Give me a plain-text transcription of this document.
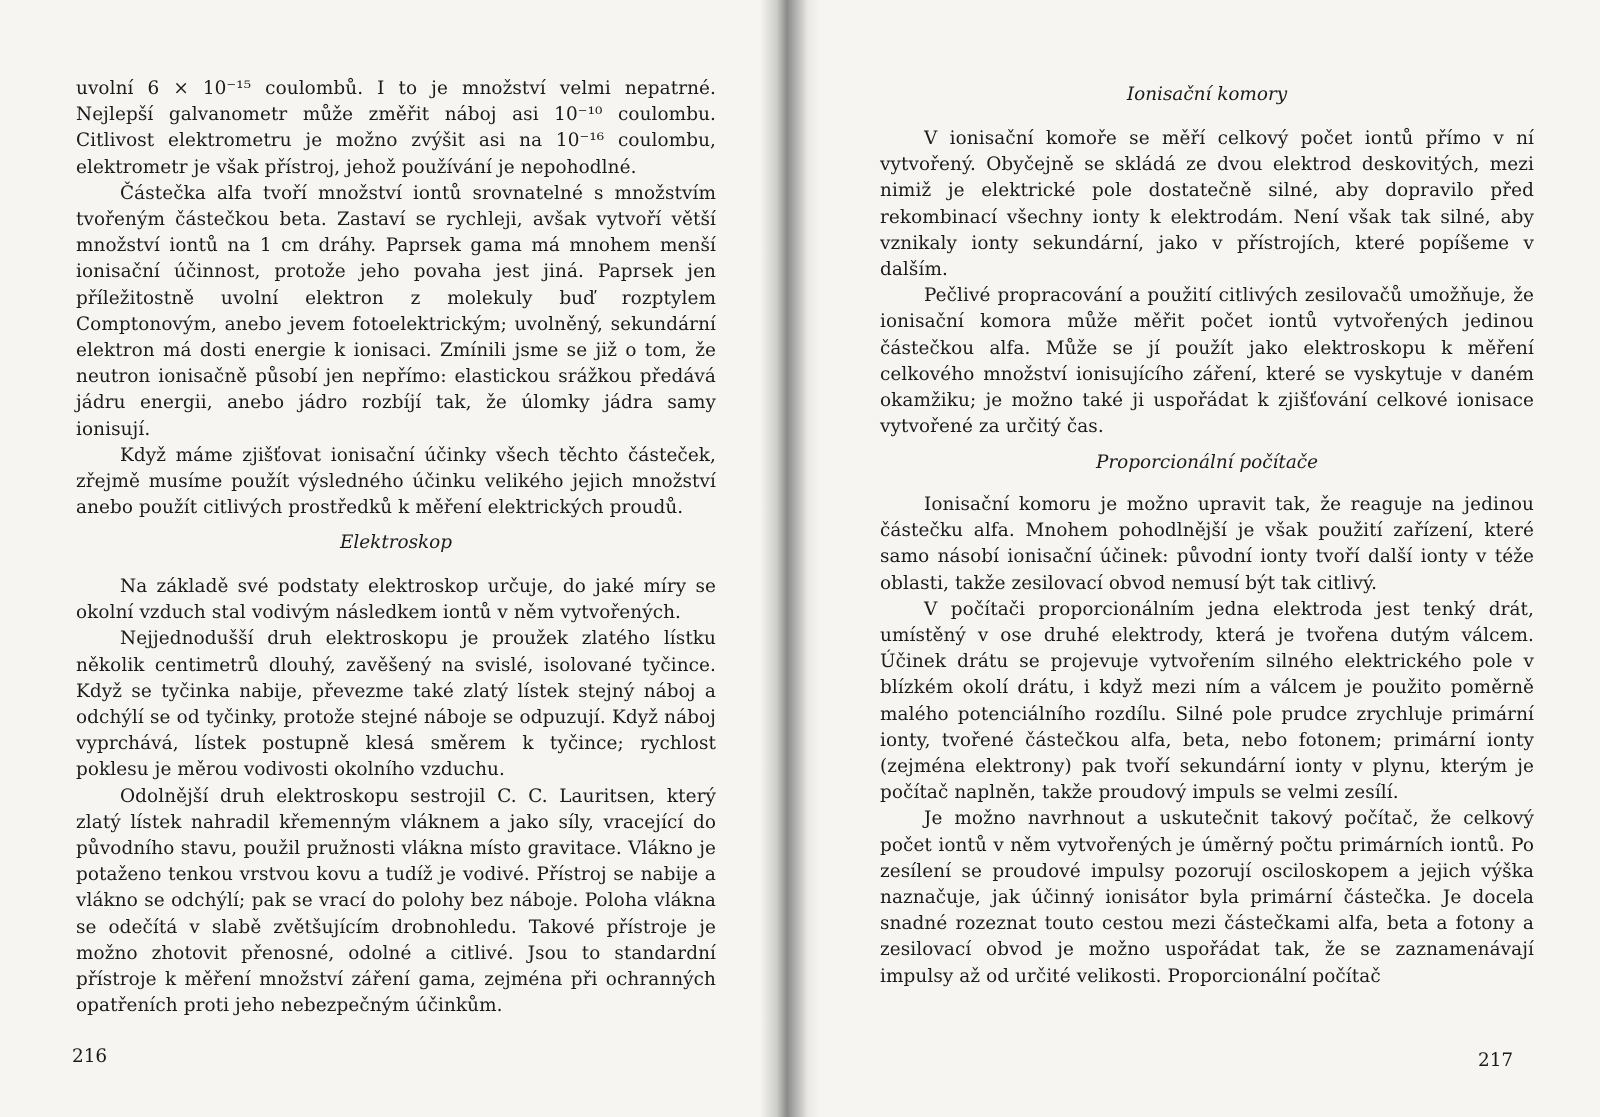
uvolní 6 × 10⁻¹⁵ coulombů. I to je množství velmi nepatrné. Nejlepší galvanometr může změřit náboj asi 10⁻¹⁰ coulombu. Citlivost elektrometru je možno zvýšit asi na 10⁻¹⁶ coulombu, elektrometr je však přístroj, jehož používání je nepohodlné.

Částečka alfa tvoří množství iontů srovnatelné s množstvím tvořeným částečkou beta. Zastaví se rychleji, avšak vytvoří větší množství iontů na 1 cm dráhy. Paprsek gama má mnohem menší ionisační účinnost, protože jeho povaha jest jiná. Paprsek jen příležitostně uvolní elektron z molekuly buď rozptylem Comptonovým, anebo jevem fotoelektrickým; uvolněný, sekundární elektron má dosti energie k ionisaci. Zmínili jsme se již o tom, že neutron ionisačně působí jen nepřímo: elastickou srážkou předává jádru energii, anebo jádro rozbíjí tak, že úlomky jádra samy ionisují.

Když máme zjišťovat ionisační účinky všech těchto částeček, zřejmě musíme použít výsledného účinku velikého jejich množství anebo použít citlivých prostředků k měření elektrických proudů.

Elektroskop

Na základě své podstaty elektroskop určuje, do jaké míry se okolní vzduch stal vodivým následkem iontů v něm vytvořených.

Nejjednodušší druh elektroskopu je proužek zlatého lístku několik centimetrů dlouhý, zavěšený na svislé, isolované tyčince. Když se tyčinka nabije, převezme také zlatý lístek stejný náboj a odchýlí se od tyčinky, protože stejné náboje se odpuzují. Když náboj vyprchává, lístek postupně klesá směrem k tyčince; rychlost poklesu je měrou vodivosti okolního vzduchu.

Odolnější druh elektroskopu sestrojil C. C. Lauritsen, který zlatý lístek nahradil křemenným vláknem a jako síly, vracející do původního stavu, použil pružnosti vlákna místo gravitace. Vlákno je potaženo tenkou vrstvou kovu a tudíž je vodivé. Přístroj se nabije a vlákno se odchýlí; pak se vrací do polohy bez náboje. Poloha vlákna se odečítá v slabě zvětšujícím drobnohledu. Takové přístroje je možno zhotovit přenosné, odolné a citlivé. Jsou to standardní přístroje k měření množství záření gama, zejména při ochranných opatřeních proti jeho nebezpečným účinkům.

216

Ionisační komory

V ionisační komoře se měří celkový počet iontů přímo v ní vytvořený. Obyčejně se skládá ze dvou elektrod deskovitých, mezi nimiž je elektrické pole dostatečně silné, aby dopravilo před rekombinací všechny ionty k elektrodám. Není však tak silné, aby vznikaly ionty sekundární, jako v přístrojích, které popíšeme v dalším.

Pečlivé propracování a použití citlivých zesilovačů umožňuje, že ionisační komora může měřit počet iontů vytvořených jedinou částečkou alfa. Může se jí použít jako elektroskopu k měření celkového množství ionisujícího záření, které se vyskytuje v daném okamžiku; je možno také ji uspořádat k zjišťování celkové ionisace vytvořené za určitý čas.

Proporcionální počítače

Ionisační komoru je možno upravit tak, že reaguje na jedinou částečku alfa. Mnohem pohodlnější je však použití zařízení, které samo násobí ionisační účinek: původní ionty tvoří další ionty v téže oblasti, takže zesilovací obvod nemusí být tak citlivý.

V počítači proporcionálním jedna elektroda jest tenký drát, umístěný v ose druhé elektrody, která je tvořena dutým válcem. Účinek drátu se projevuje vytvořením silného elektrického pole v blízkém okolí drátu, i když mezi ním a válcem je použito poměrně malého potenciálního rozdílu. Silné pole prudce zrychluje primární ionty, tvořené částečkou alfa, beta, nebo fotonem; primární ionty (zejména elektrony) pak tvoří sekundární ionty v plynu, kterým je počítač naplněn, takže proudový impuls se velmi zesílí.

Je možno navrhnout a uskutečnit takový počítač, že celkový počet iontů v něm vytvořených je úměrný počtu primárních iontů. Po zesílení se proudové impulsy pozorují osciloskopem a jejich výška naznačuje, jak účinný ionisátor byla primární částečka. Je docela snadné rozeznat touto cestou mezi částečkami alfa, beta a fotony a zesilovací obvod je možno uspořádat tak, že se zaznamenávají impulsy až od určité velikosti. Proporcionální počítač

217
